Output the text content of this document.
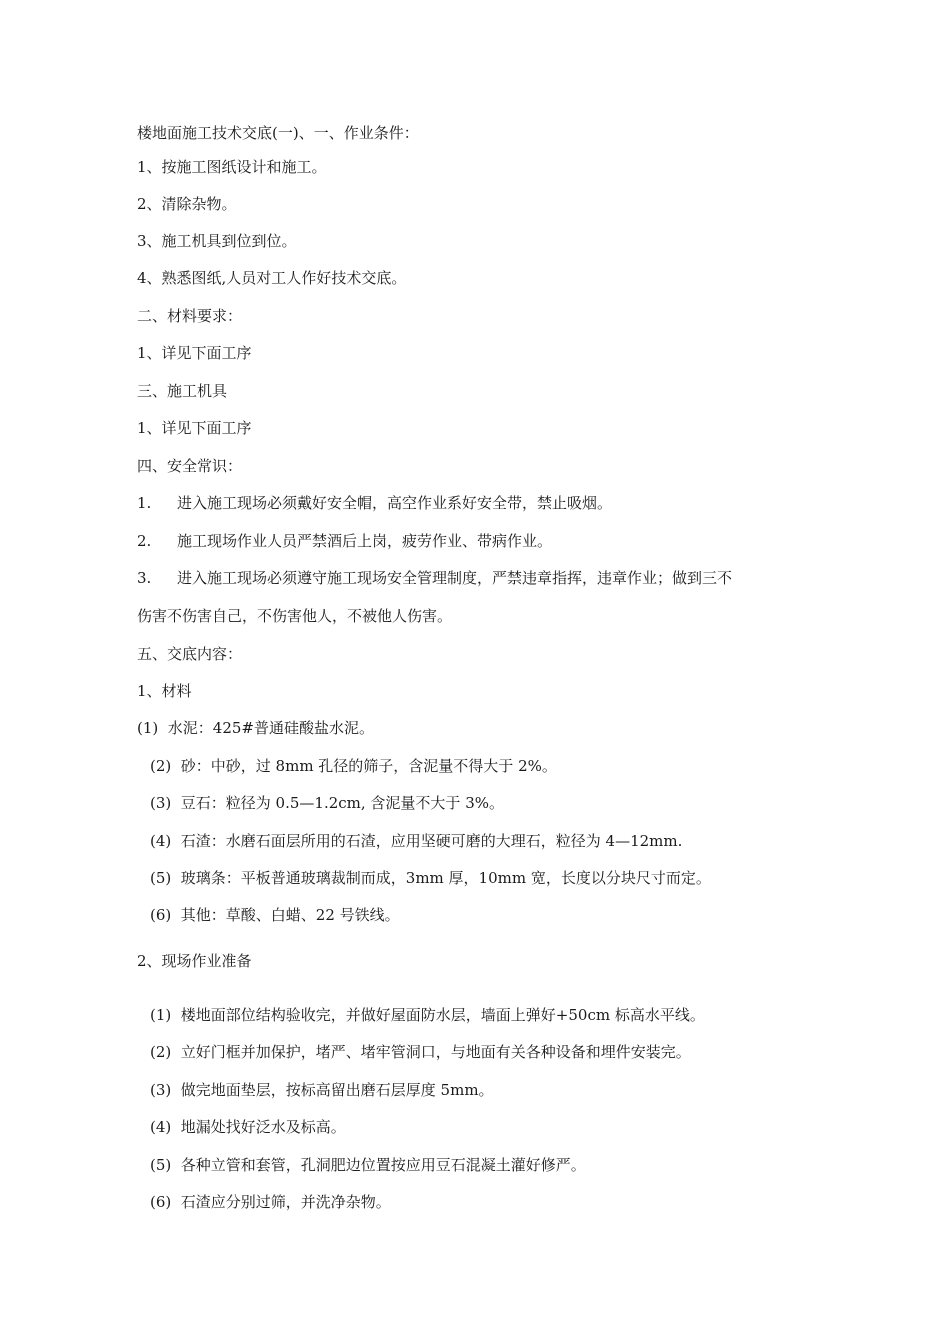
楼地面施工技术交底(一)、一、作业条件：
1、按施工图纸设计和施工。
2、清除杂物。
3、施工机具到位到位。
4、熟悉图纸,人员对工人作好技术交底。
二、材料要求：
1、详见下面工序
三、施工机具
1、详见下面工序
四、安全常识：
1. 进入施工现场必须戴好安全帽，高空作业系好安全带，禁止吸烟。
2. 施工现场作业人员严禁酒后上岗，疲劳作业、带病作业。
3. 进入施工现场必须遵守施工现场安全管理制度，严禁违章指挥，违章作业；做到三不
伤害不伤害自己，不伤害他人，不被他人伤害。
五、交底内容：
1、材料
(1)  水泥：425#普通硅酸盐水泥。
(2)  砂：中砂，过 8mm 孔径的筛子，含泥量不得大于 2%。
(3)  豆石：粒径为 0.5—1.2cm, 含泥量不大于 3%。
(4)  石渣：水磨石面层所用的石渣，应用坚硬可磨的大理石，粒径为 4—12mm.
(5)  玻璃条：平板普通玻璃裁制而成，3mm 厚，10mm 宽，长度以分块尺寸而定。
(6)  其他：草酸、白蜡、22 号铁线。
2、现场作业准备
(1)  楼地面部位结构验收完，并做好屋面防水层，墙面上弹好+50cm 标高水平线。
(2)  立好门框并加保护，堵严、堵牢管洞口，与地面有关各种设备和埋件安装完。
(3)  做完地面垫层，按标高留出磨石层厚度 5mm。
(4)  地漏处找好泛水及标高。
(5)  各种立管和套管，孔洞肥边位置按应用豆石混凝土灌好修严。
(6)  石渣应分别过筛，并洗净杂物。
